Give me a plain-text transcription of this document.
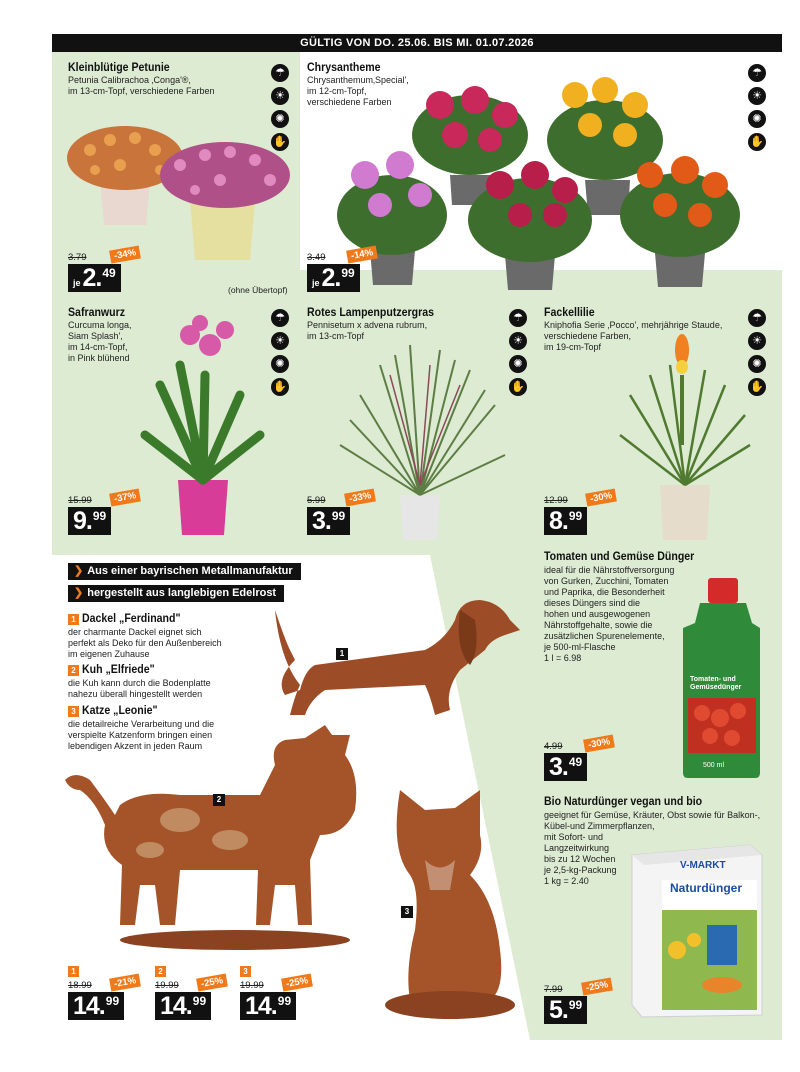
GÜLTIG VON DO. 25.06. BIS MI. 01.07.2026
Kleinblütige Petunie
Petunia Calibrachoa ‚Conga'®,
im 13-cm-Topf, verschiedene Farben
☂
☀
✺
✋
3.79	-34%
je 2. 49
(ohne Übertopf)
Chrysantheme
Chrysanthemum‚Special',
im 12-cm-Topf,
verschiedene Farben
☂
☀
✺
✋
3.49	-14%
je 2. 99
Safranwurz
Curcuma longa,
Siam Splash',
im 14-cm-Topf,
in Pink blühend
☂
☀
✺
✋
15.99	-37%
9. 99
Rotes Lampenputzergras
Pennisetum x advena rubrum,
im 13-cm-Topf
☂
☀
✺
✋
5.99	-33%
3. 99
Fackellilie
Kniphofia Serie ‚Pocco', mehrjährige Staude,
verschiedene Farben,
im 19-cm-Topf
☂
☀
✺
✋
12.99	-30%
8. 99
❯ Aus einer bayrischen Metallmanufaktur
❯ hergestellt aus langlebigen Edelrost
1 Dackel „Ferdinand"
der charmante Dackel eignet sich
perfekt als Deko für den Außenbereich
im eigenen Zuhause
2 Kuh „Elfriede"
die Kuh kann durch die Bodenplatte
nahezu überall hingestellt werden
3 Katze „Leonie"
die detailreiche Verarbeitung und die
verspielte Katzenform bringen einen
lebendigen Akzent in jeden Raum
1
2
3
1
18.99	-21%
14. 99
2
19.99	-25%
14. 99
3
19.99	-25%
14. 99
Tomaten und Gemüse Dünger
ideal für die Nährstoffversorgung
von Gurken, Zucchini, Tomaten
und Paprika, die Besonderheit
dieses Düngers sind die
hohen und ausgewogenen
Nährstoffgehalte, sowie die
zusätzlichen Spurenelemente,
je 500-ml-Flasche
1 l = 6.98
Tomaten- und
Gemüsedünger
500 ml
4.99	-30%
3. 49
Bio Naturdünger vegan und bio
geeignet für Gemüse, Kräuter, Obst sowie für Balkon-,
Kübel-und Zimmerpflanzen,
mit Sofort- und
Langzeitwirkung
bis zu 12 Wochen
je 2,5-kg-Packung
1 kg = 2.40
V-MARKT
Naturdünger
7.99	-25%
5. 99
